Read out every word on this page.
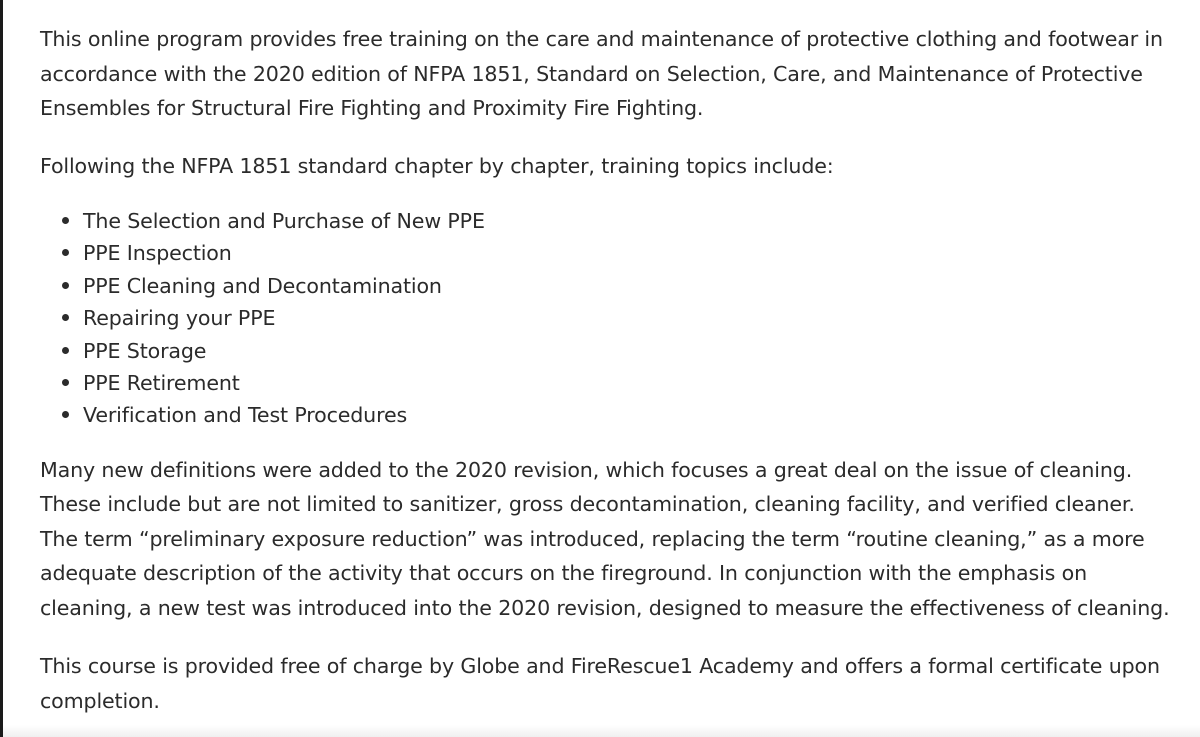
This online program provides free training on the care and maintenance of protective clothing and footwear in accordance with the 2020 edition of NFPA 1851, Standard on Selection, Care, and Maintenance of Protective Ensembles for Structural Fire Fighting and Proximity Fire Fighting.

Following the NFPA 1851 standard chapter by chapter, training topics include:

The Selection and Purchase of New PPE
PPE Inspection
PPE Cleaning and Decontamination
Repairing your PPE
PPE Storage
PPE Retirement
Verification and Test Procedures

Many new definitions were added to the 2020 revision, which focuses a great deal on the issue of cleaning. These include but are not limited to sanitizer, gross decontamination, cleaning facility, and verified cleaner. The term “preliminary exposure reduction” was introduced, replacing the term “routine cleaning,” as a more adequate description of the activity that occurs on the fireground. In conjunction with the emphasis on cleaning, a new test was introduced into the 2020 revision, designed to measure the effectiveness of cleaning.

This course is provided free of charge by Globe and FireRescue1 Academy and offers a formal certificate upon completion.
